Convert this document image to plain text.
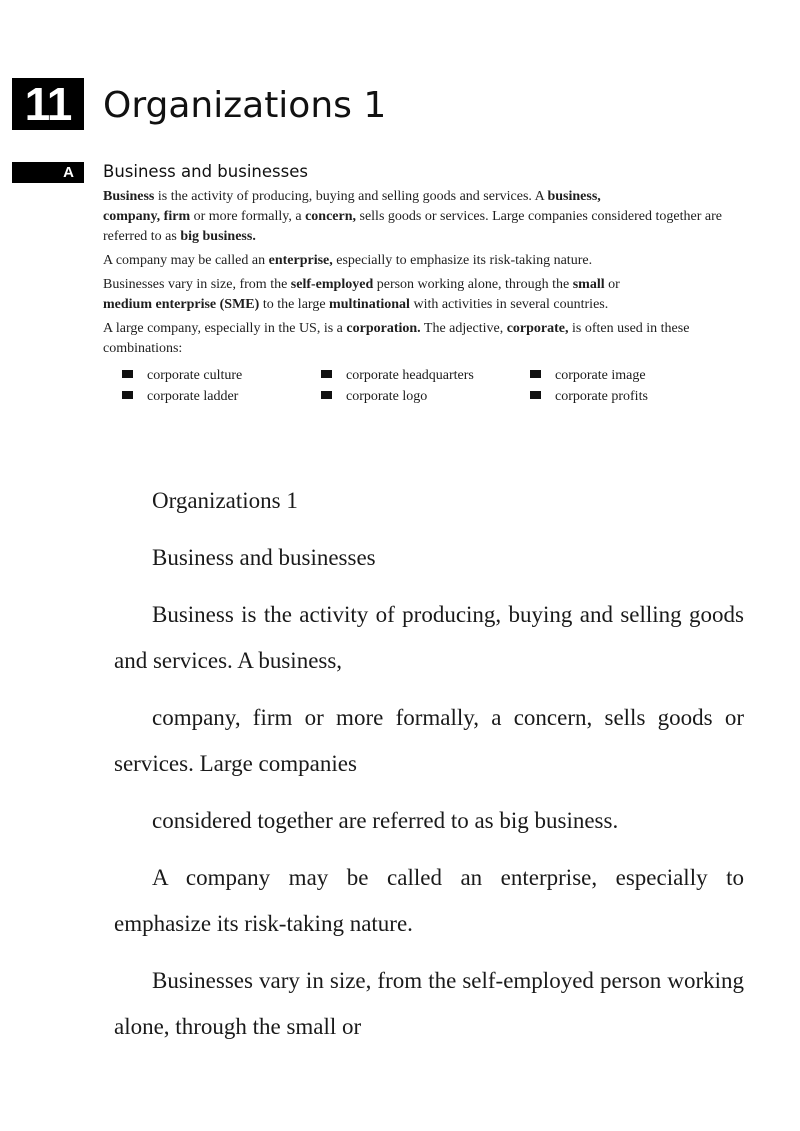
11 Organizations 1
A	Business and businesses

Business is the activity of producing, buying and selling goods and services. A business,
company, firm or more formally, a concern, sells goods or services. Large companies considered together are referred to as big business.

A company may be called an enterprise, especially to emphasize its risk-taking nature.

Businesses vary in size, from the self-employed person working alone, through the small or
medium enterprise (SME) to the large multinational with activities in several countries.

A large company, especially in the US, is a corporation. The adjective, corporate, is often used in these combinations:

corporate culture	corporate headquarters	corporate image
corporate ladder	corporate logo	corporate profits

Organizations 1

Business and businesses

Business is the activity of producing, buying and selling goods and services. A business,

company, firm or more formally, a concern, sells goods or services. Large companies

considered together are referred to as big business.

A company may be called an enterprise, especially to emphasize its risk-taking nature.

Businesses vary in size, from the self-employed person working alone, through the small or
